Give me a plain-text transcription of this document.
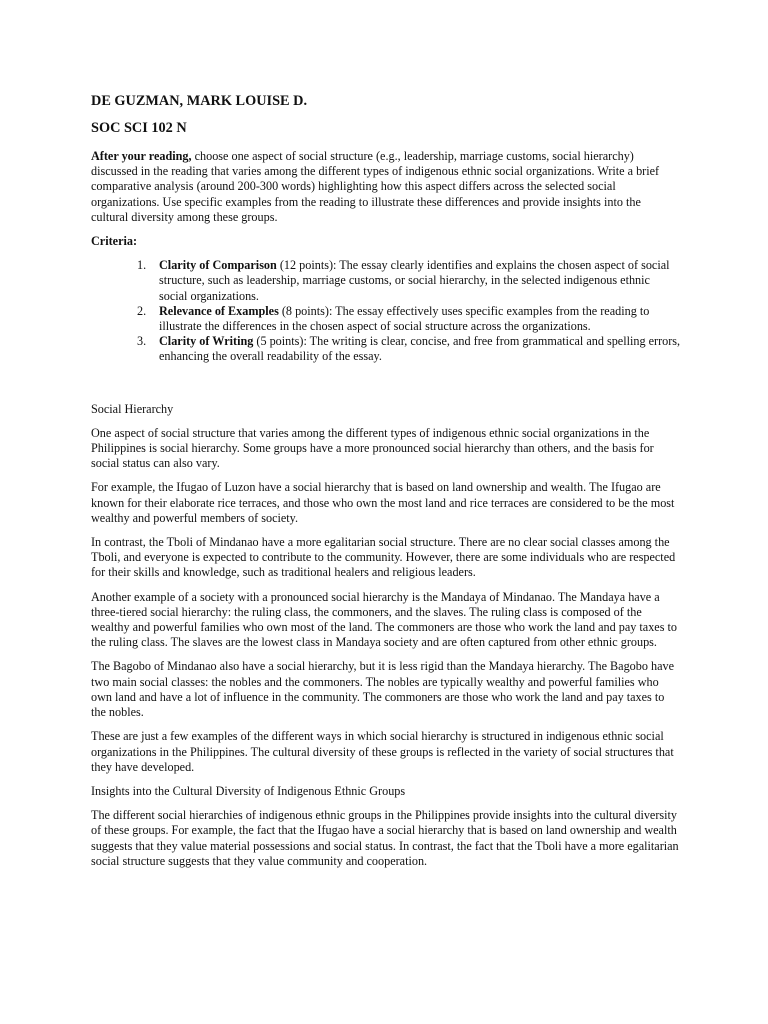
DE GUZMAN, MARK LOUISE D.
SOC SCI 102 N

After your reading, choose one aspect of social structure (e.g., leadership, marriage customs, social hierarchy) discussed in the reading that varies among the different types of indigenous ethnic social organizations. Write a brief comparative analysis (around 200-300 words) highlighting how this aspect differs across the selected social organizations. Use specific examples from the reading to illustrate these differences and provide insights into the cultural diversity among these groups.

Criteria:
1. Clarity of Comparison (12 points): The essay clearly identifies and explains the chosen aspect of social structure, such as leadership, marriage customs, or social hierarchy, in the selected indigenous ethnic social organizations.
2. Relevance of Examples (8 points): The essay effectively uses specific examples from the reading to illustrate the differences in the chosen aspect of social structure across the organizations.
3. Clarity of Writing (5 points): The writing is clear, concise, and free from grammatical and spelling errors, enhancing the overall readability of the essay.

Social Hierarchy

One aspect of social structure that varies among the different types of indigenous ethnic social organizations in the Philippines is social hierarchy. Some groups have a more pronounced social hierarchy than others, and the basis for social status can also vary.

For example, the Ifugao of Luzon have a social hierarchy that is based on land ownership and wealth. The Ifugao are known for their elaborate rice terraces, and those who own the most land and rice terraces are considered to be the most wealthy and powerful members of society.

In contrast, the Tboli of Mindanao have a more egalitarian social structure. There are no clear social classes among the Tboli, and everyone is expected to contribute to the community. However, there are some individuals who are respected for their skills and knowledge, such as traditional healers and religious leaders.

Another example of a society with a pronounced social hierarchy is the Mandaya of Mindanao. The Mandaya have a three-tiered social hierarchy: the ruling class, the commoners, and the slaves. The ruling class is composed of the wealthy and powerful families who own most of the land. The commoners are those who work the land and pay taxes to the ruling class. The slaves are the lowest class in Mandaya society and are often captured from other ethnic groups.

The Bagobo of Mindanao also have a social hierarchy, but it is less rigid than the Mandaya hierarchy. The Bagobo have two main social classes: the nobles and the commoners. The nobles are typically wealthy and powerful families who own land and have a lot of influence in the community. The commoners are those who work the land and pay taxes to the nobles.

These are just a few examples of the different ways in which social hierarchy is structured in indigenous ethnic social organizations in the Philippines. The cultural diversity of these groups is reflected in the variety of social structures that they have developed.

Insights into the Cultural Diversity of Indigenous Ethnic Groups

The different social hierarchies of indigenous ethnic groups in the Philippines provide insights into the cultural diversity of these groups. For example, the fact that the Ifugao have a social hierarchy that is based on land ownership and wealth suggests that they value material possessions and social status. In contrast, the fact that the Tboli have a more egalitarian social structure suggests that they value community and cooperation.
